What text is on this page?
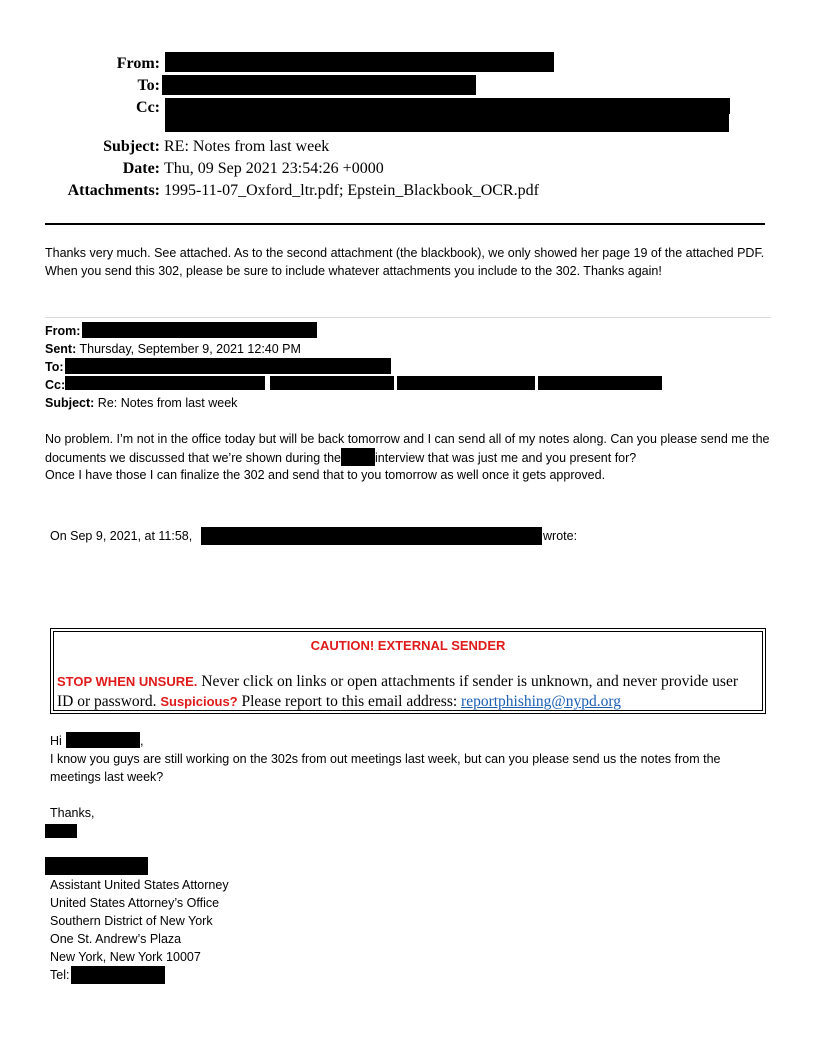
From:
To:
Cc:
Subject: RE: Notes from last week
Date: Thu, 09 Sep 2021 23:54:26 +0000
Attachments: 1995-11-07_Oxford_ltr.pdf; Epstein_Blackbook_OCR.pdf
Thanks very much. See attached. As to the second attachment (the blackbook), we only showed her page 19 of the attached PDF. When you send this 302, please be sure to include whatever attachments you include to the 302. Thanks again!
From:
Sent: Thursday, September 9, 2021 12:40 PM
To:
Cc:
Subject: Re: Notes from last week
No problem. I’m not in the office today but will be back tomorrow and I can send all of my notes along. Can you please send me the documents we discussed that we’re shown during the	interview that was just me and you present for?
Once I have those I can finalize the 302 and send that to you tomorrow as well once it gets approved.
On Sep 9, 2021, at 11:58,	wrote:
CAUTION! EXTERNAL SENDER
STOP WHEN UNSURE. Never click on links or open attachments if sender is unknown, and never provide user ID or password. Suspicious? Please report to this email address: reportphishing@nypd.org
Hi	,
I know you guys are still working on the 302s from out meetings last week, but can you please send us the notes from the meetings last week?
Thanks,
Assistant United States Attorney
United States Attorney’s Office
Southern District of New York
One St. Andrew’s Plaza
New York, New York 10007
Tel:
